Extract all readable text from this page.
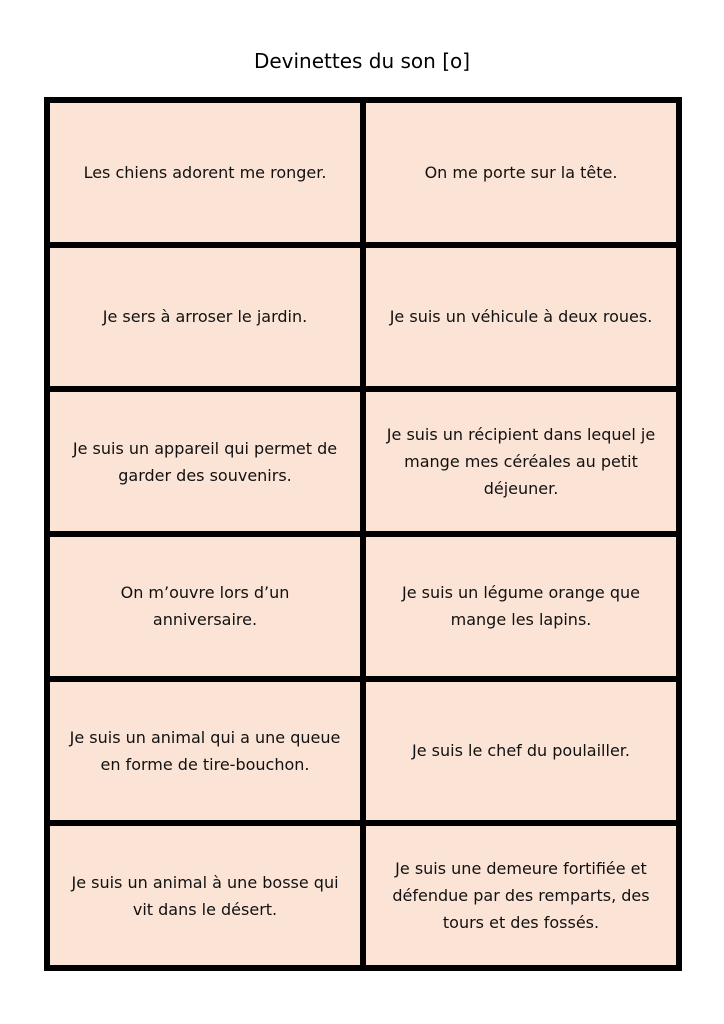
Devinettes du son [o]
Les chiens adorent me ronger.	On me porte sur la tête.
Je sers à arroser le jardin.	Je suis un véhicule à deux roues.
Je suis un appareil qui permet de
garder des souvenirs.
Je suis un récipient dans lequel je
mange mes céréales au petit
déjeuner.
On m’ouvre lors d’un
anniversaire.
Je suis un légume orange que
mange les lapins.
Je suis un animal qui a une queue
en forme de tire-bouchon.
Je suis le chef du poulailler.
Je suis un animal à une bosse qui
vit dans le désert.
Je suis une demeure fortifiée et
défendue par des remparts, des
tours et des fossés.
